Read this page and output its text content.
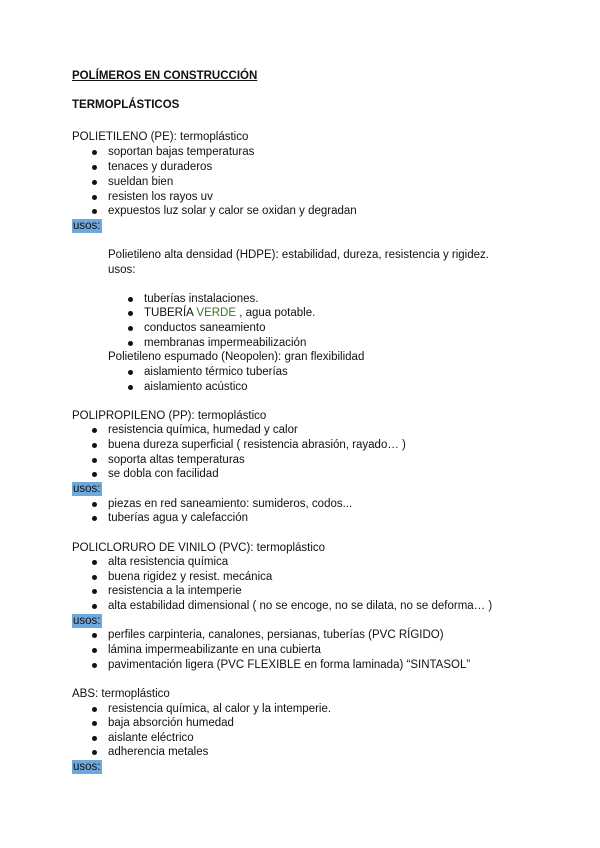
POLÍMEROS EN CONSTRUCCIÓN
TERMOPLÁSTICOS
POLIETILENO (PE): termoplástico
soportan bajas temperaturas
tenaces y duraderos
sueldan bien
resisten los rayos uv
expuestos luz solar y calor se oxidan y degradan
usos:
Polietileno alta densidad (HDPE): estabilidad, dureza, resistencia y rigidez.
usos:
tuberías instalaciones.
TUBERÍA VERDE , agua potable.
conductos saneamiento
membranas impermeabilización
Polietileno espumado (Neopolen): gran flexibilidad
aislamiento térmico tuberías
aislamiento acústico
POLIPROPILENO (PP): termoplástico
resistencia química, humedad y calor
buena dureza superficial ( resistencia abrasión, rayado… )
soporta altas temperaturas
se dobla con facilidad
usos:
piezas en red saneamiento: sumideros, codos...
tuberías agua y calefacción
POLICLORURO DE VINILO (PVC): termoplástico
alta resistencia química
buena rigidez y resist. mecánica
resistencia a la intemperie
alta estabilidad dimensional ( no se encoge, no se dilata, no se deforma… )
usos:
perfiles carpinteria, canalones, persianas, tuberías (PVC RÍGIDO)
lámina impermeabilizante en una cubierta
pavimentación ligera (PVC FLEXIBLE en forma laminada) “SINTASOL”
ABS: termoplástico
resistencia química, al calor y la intemperie.
baja absorción humedad
aislante eléctrico
adherencia metales
usos:
